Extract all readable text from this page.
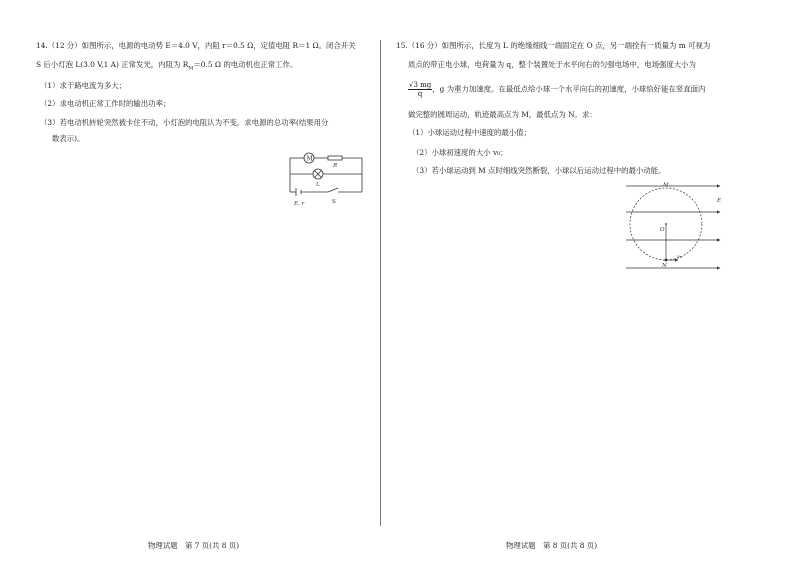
14.（12 分）如图所示，电源的电动势 E＝4.0 V，内阻 r＝0.5 Ω，定值电阻 R＝1 Ω。闭合开关
S 后小灯泡 L(3.0 V,1 A) 正常发光，内阻为 $R_M=0.5$ Ω 的电动机也正常工作。
（1）求干路电流为多大；
（2）求电动机正常工作时的输出功率；
（3）若电动机转轮突然被卡住不动，小灯泡的电阻认为不变，求电源的总功率(结果用分
数表示)。
M
R
L
E, r	S
物理试题　第 7 页(共 8 页)
15.（16 分）如图所示，长度为 L 的绝缘细线一端固定在 O 点，另一端拴有一质量为 m 可视为
质点的带正电小球，电荷量为 q，整个装置处于水平向右的匀强电场中，电场强度大小为
$\frac{√3 mg}{q}$ ，g 为重力加速度。在最低点给小球一个水平向右的初速度，小球恰好能在竖直面内
做完整的圆周运动，轨迹最高点为 M，最低点为 N。求：
（1）小球运动过程中速度的最小值；
（2）小球初速度的大小 v₀；
（3）若小球运动到 M 点时细线突然断裂，小球以后运动过程中的最小动能。
M
E
O
N
v₀
物理试题　第 8 页(共 8 页)
